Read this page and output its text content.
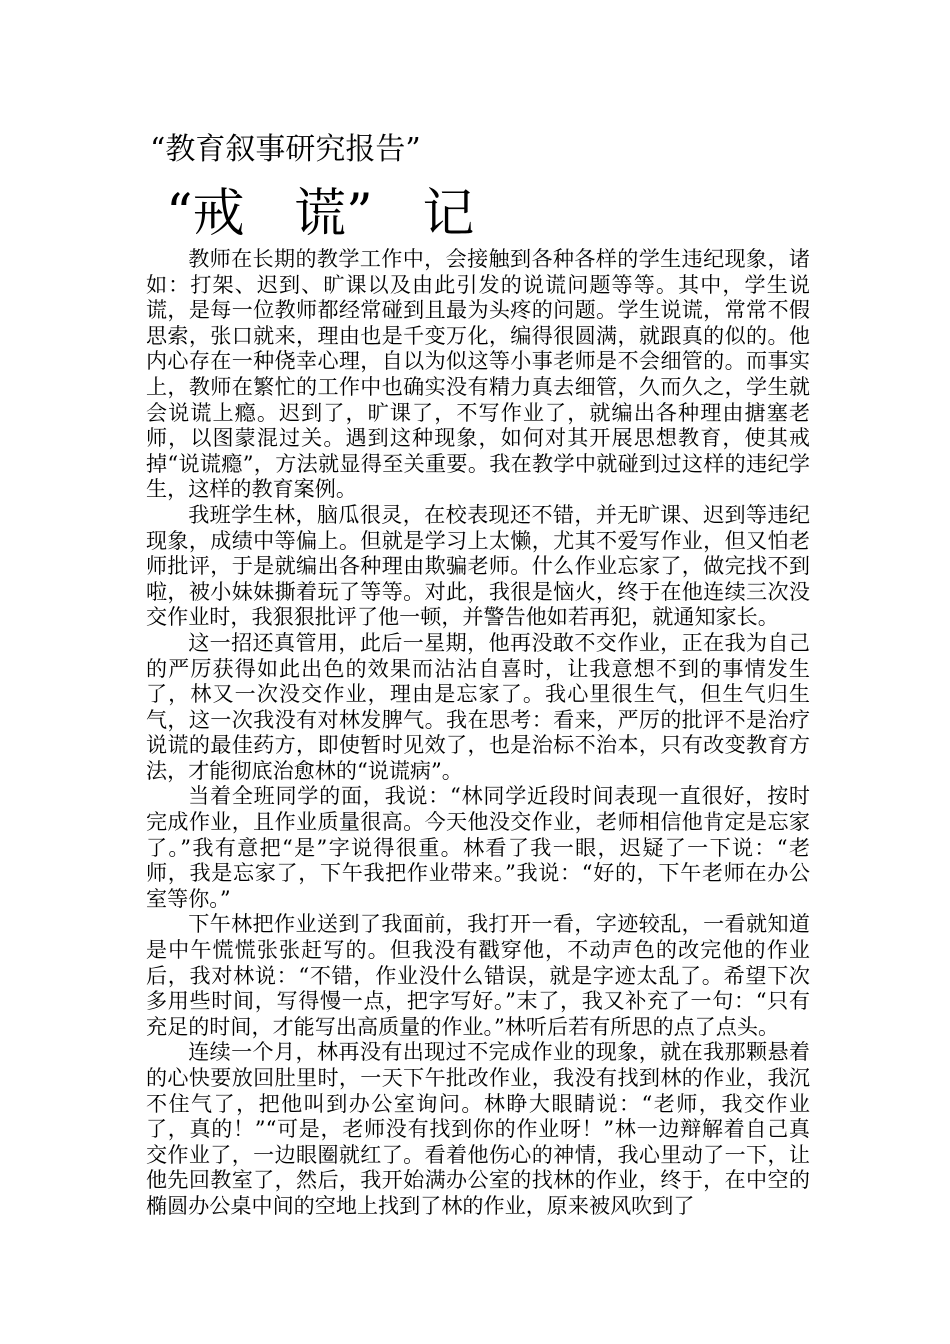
“教育叙事研究报告”
“戒   谎”   记

教师在长期的教学工作中，会接触到各种各样的学生违纪现象，诸如：打架、迟到、旷课以及由此引发的说谎问题等等。其中，学生说谎，是每一位教师都经常碰到且最为头疼的问题。学生说谎，常常不假思索，张口就来，理由也是千变万化，编得很圆满，就跟真的似的。他内心存在一种侥幸心理，自以为似这等小事老师是不会细管的。而事实上，教师在繁忙的工作中也确实没有精力真去细管，久而久之，学生就会说谎上瘾。迟到了，旷课了，不写作业了，就编出各种理由搪塞老师，以图蒙混过关。遇到这种现象，如何对其开展思想教育，使其戒掉“说谎瘾”，方法就显得至关重要。我在教学中就碰到过这样的违纪学生，这样的教育案例。

我班学生林，脑瓜很灵，在校表现还不错，并无旷课、迟到等违纪现象，成绩中等偏上。但就是学习上太懒，尤其不爱写作业，但又怕老师批评，于是就编出各种理由欺骗老师。什么作业忘家了，做完找不到啦，被小妹妹撕着玩了等等。对此，我很是恼火，终于在他连续三次没交作业时，我狠狠批评了他一顿，并警告他如若再犯，就通知家长。

这一招还真管用，此后一星期，他再没敢不交作业，正在我为自己的严厉获得如此出色的效果而沾沾自喜时，让我意想不到的事情发生了，林又一次没交作业，理由是忘家了。我心里很生气，但生气归生气，这一次我没有对林发脾气。我在思考：看来，严厉的批评不是治疗说谎的最佳药方，即使暂时见效了，也是治标不治本，只有改变教育方法，才能彻底治愈林的“说谎病”。

当着全班同学的面，我说：“林同学近段时间表现一直很好，按时完成作业，且作业质量很高。今天他没交作业，老师相信他肯定是忘家了。”我有意把“是”字说得很重。林看了我一眼，迟疑了一下说：“老师，我是忘家了，下午我把作业带来。”我说：“好的，下午老师在办公室等你。”

下午林把作业送到了我面前，我打开一看，字迹较乱，一看就知道是中午慌慌张张赶写的。但我没有戳穿他，不动声色的改完他的作业后，我对林说：“不错，作业没什么错误，就是字迹太乱了。希望下次多用些时间，写得慢一点，把字写好。”末了，我又补充了一句：“只有充足的时间，才能写出高质量的作业。”林听后若有所思的点了点头。

连续一个月，林再没有出现过不完成作业的现象，就在我那颗悬着的心快要放回肚里时，一天下午批改作业，我没有找到林的作业，我沉不住气了，把他叫到办公室询问。林睁大眼睛说：“老师，我交作业了，真的！”“可是，老师没有找到你的作业呀！”林一边辩解着自己真交作业了，一边眼圈就红了。看着他伤心的神情，我心里动了一下，让他先回教室了，然后，我开始满办公室的找林的作业，终于，在中空的椭圆办公桌中间的空地上找到了林的作业，原来被风吹到了
